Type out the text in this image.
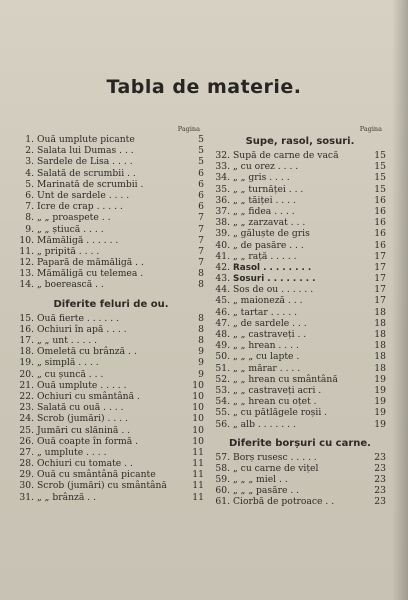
Tabla de materie.
Pagina
1. Ouă umplute picante	5
2. Salata lui Dumas . . .	5
3. Sardele de Lisa . . . .	5
4. Salată de scrumbii . .	6
5. Marinată de scrumbii .	6
6. Unt de sardele . . . .	6
7. Icre de crap . . . . .	6
8. „ „ proaspete . .	7
9. „ „ știucă . . . .	7
10. Mămăligă . . . . . .	7
11. „ pripită . . . .	7
12. Papară de mămăligă . .	7
13. Mămăligă cu telemea .	8
14. „ boerească . .	8
Diferite feluri de ou.
15. Ouă fierte . . . . . .	8
16. Ochiuri în apă . . . .	8
17. „ „ unt . . . . .	8
18. Omeletă cu brânză . .	9
19. „ simplă . . . .	9
20. „ cu șuncă . . .	9
21. Ouă umplute . . . . .	10
22. Ochiuri cu smântână .	10
23. Salată cu ouă . . . .	10
24. Scrob (jumări) . . . .	10
25. Jumări cu slănină . .	10
26. Ouă coapte în formă .	10
27. „ umplute . . . .	11
28. Ochiuri cu tomate . .	11
29. Ouă cu smântână picante	11
30. Scrob (jumări) cu smântână	11
31. „ „ brânză . .	11
Pagina
Supe, rasol, sosuri.
32. Supă de carne de vacă	15
33. „ cu orez . . . .	15
34. „ „ gris . . . .	15
35. „ „ turnăței . . .	15
36. „ „ tăiței . . . .	16
37. „ „ fidea . . . .	16
38. „ „ zarzavat . . .	16
39. „ găluște de gris	16
40. „ de pasăre . . .	16
41. „ „ rață . . . . .	17
42. Rasol . . . . . . . .	17
43. Sosuri . . . . . . . .	17
44. Sos de ou . . . . . .	17
45. „ maioneză . . .	17
46. „ tartar . . . . .	18
47. „ de sardele . . .	18
48. „ „ castraveți . .	18
49. „ „ hrean . . . .	18
50. „ „ „ cu lapte .	18
51. „ „ mărar . . . .	18
52. „ „ hrean cu smântână	19
53. „ „ castraveți acri .	19
54. „ „ hrean cu oțet .	19
55. „ cu pătlăgele roșii .	19
56. „ alb . . . . . . .	19
Diferite borșuri cu carne.
57. Borș rusesc . . . . .	23
58. „ cu carne de vițel	23
59. „ „ „ miel . .	23
60. „ „ „ pasăre . .	23
61. Ciorbă de potroace . .	23
